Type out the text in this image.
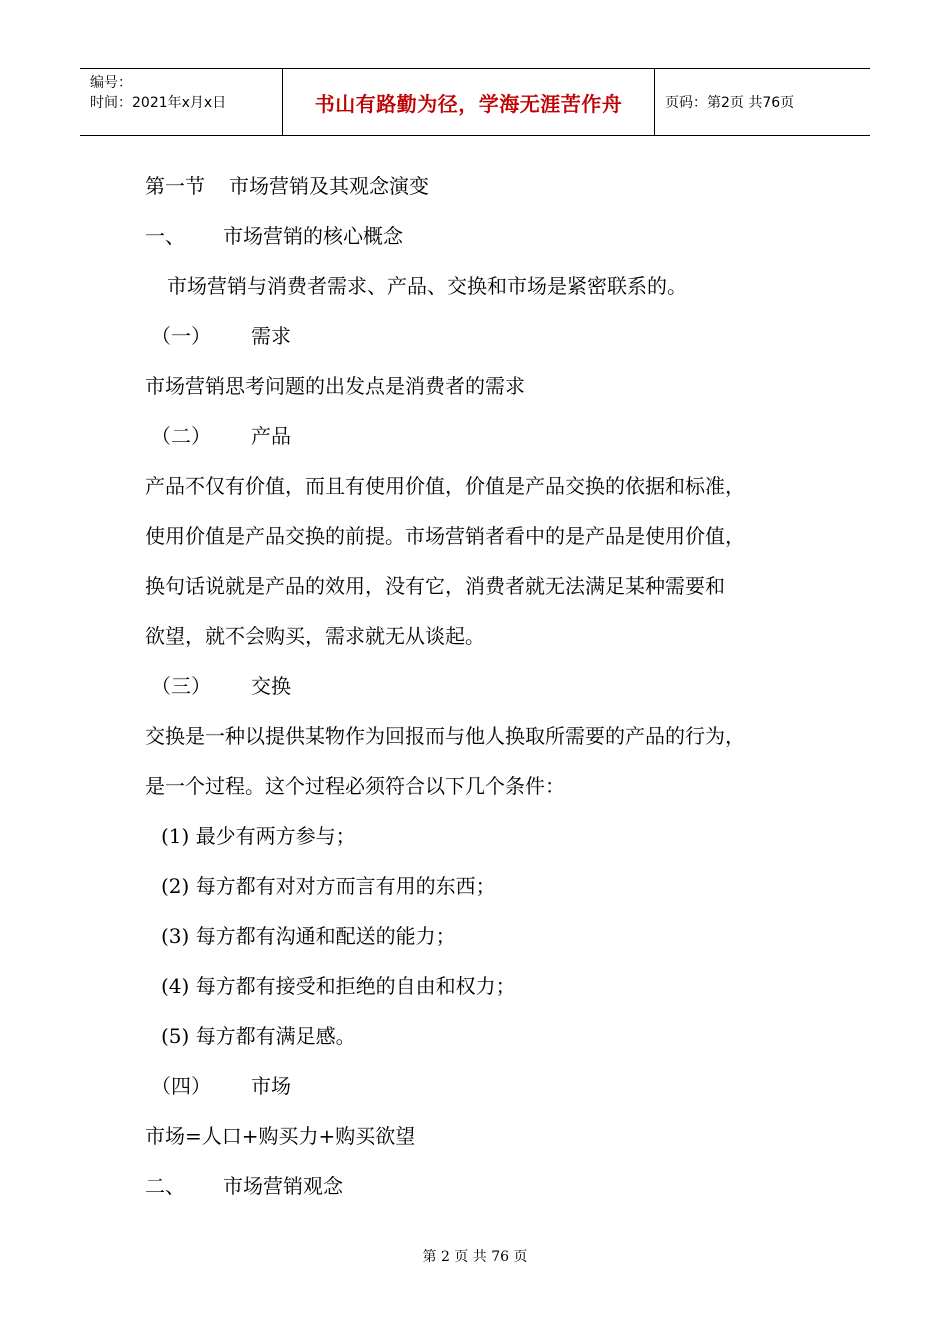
编号：
时间：2021年x月x日	书山有路勤为径，学海无涯苦作舟	页码：第2页 共76页
第一节 市场营销及其观念演变
一、 市场营销的核心概念
市场营销与消费者需求、产品、交换和市场是紧密联系的。
（一） 需求
市场营销思考问题的出发点是消费者的需求
（二） 产品
产品不仅有价值，而且有使用价值，价值是产品交换的依据和标准，
使用价值是产品交换的前提。市场营销者看中的是产品是使用价值，
换句话说就是产品的效用，没有它，消费者就无法满足某种需要和
欲望，就不会购买，需求就无从谈起。
（三） 交换
交换是一种以提供某物作为回报而与他人换取所需要的产品的行为，
是一个过程。这个过程必须符合以下几个条件：
(1) 最少有两方参与；
(2) 每方都有对对方而言有用的东西；
(3) 每方都有沟通和配送的能力；
(4) 每方都有接受和拒绝的自由和权力；
(5) 每方都有满足感。
（四） 市场
市场=人口+购买力+购买欲望
二、 市场营销观念
第 2 页 共 76 页
